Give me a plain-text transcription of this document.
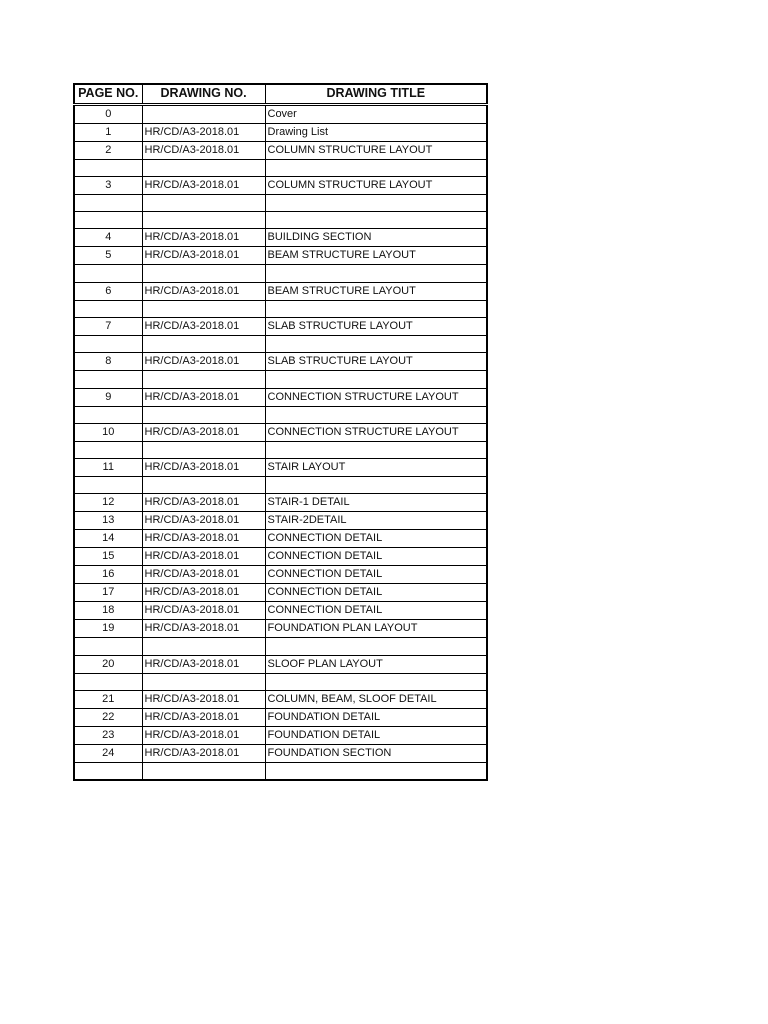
PAGE NO.	DRAWING NO.	DRAWING TITLE
0		Cover
1	HR/CD/A3-2018.01	Drawing List
2	HR/CD/A3-2018.01	COLUMN STRUCTURE LAYOUT

3	HR/CD/A3-2018.01	COLUMN STRUCTURE LAYOUT

4	HR/CD/A3-2018.01	BUILDING SECTION
5	HR/CD/A3-2018.01	BEAM STRUCTURE LAYOUT

6	HR/CD/A3-2018.01	BEAM STRUCTURE LAYOUT

7	HR/CD/A3-2018.01	SLAB STRUCTURE LAYOUT

8	HR/CD/A3-2018.01	SLAB STRUCTURE LAYOUT

9	HR/CD/A3-2018.01	CONNECTION STRUCTURE LAYOUT

10	HR/CD/A3-2018.01	CONNECTION STRUCTURE LAYOUT

11	HR/CD/A3-2018.01	STAIR LAYOUT

12	HR/CD/A3-2018.01	STAIR-1 DETAIL
13	HR/CD/A3-2018.01	STAIR-2DETAIL
14	HR/CD/A3-2018.01	CONNECTION DETAIL
15	HR/CD/A3-2018.01	CONNECTION DETAIL
16	HR/CD/A3-2018.01	CONNECTION DETAIL
17	HR/CD/A3-2018.01	CONNECTION DETAIL
18	HR/CD/A3-2018.01	CONNECTION DETAIL
19	HR/CD/A3-2018.01	FOUNDATION PLAN LAYOUT

20	HR/CD/A3-2018.01	SLOOF PLAN LAYOUT

21	HR/CD/A3-2018.01	COLUMN, BEAM, SLOOF DETAIL
22	HR/CD/A3-2018.01	FOUNDATION DETAIL
23	HR/CD/A3-2018.01	FOUNDATION DETAIL
24	HR/CD/A3-2018.01	FOUNDATION SECTION
